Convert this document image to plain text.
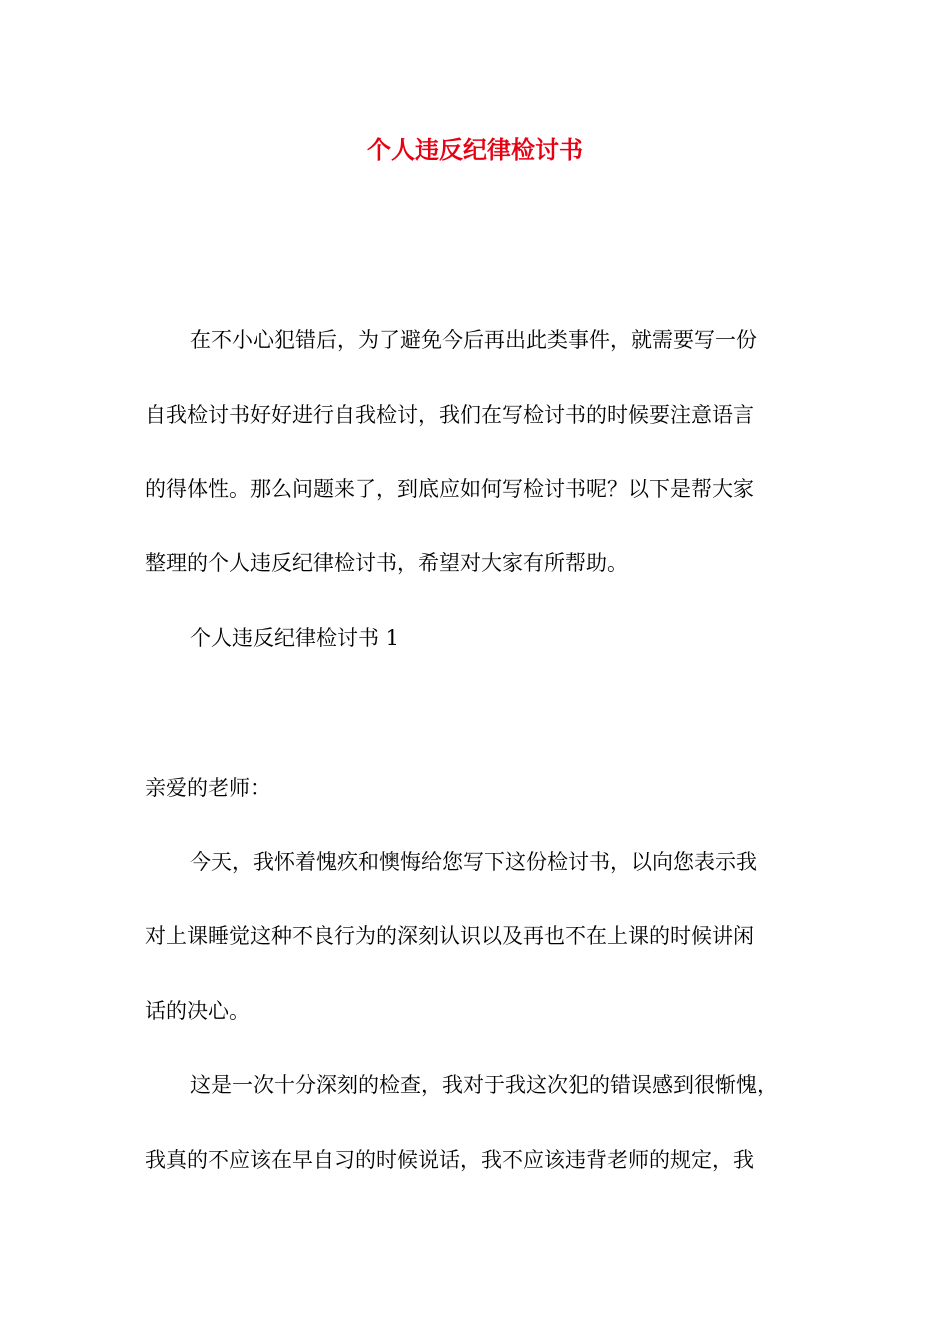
个人违反纪律检讨书

在不小心犯错后，为了避免今后再出此类事件，就需要写一份

自我检讨书好好进行自我检讨，我们在写检讨书的时候要注意语言

的得体性。那么问题来了，到底应如何写检讨书呢？以下是帮大家

整理的个人违反纪律检讨书，希望对大家有所帮助。

个人违反纪律检讨书 1

亲爱的老师：

今天，我怀着愧疚和懊悔给您写下这份检讨书，以向您表示我

对上课睡觉这种不良行为的深刻认识以及再也不在上课的时候讲闲

话的决心。

这是一次十分深刻的检查，我对于我这次犯的错误感到很惭愧，

我真的不应该在早自习的时候说话，我不应该违背老师的规定，我
